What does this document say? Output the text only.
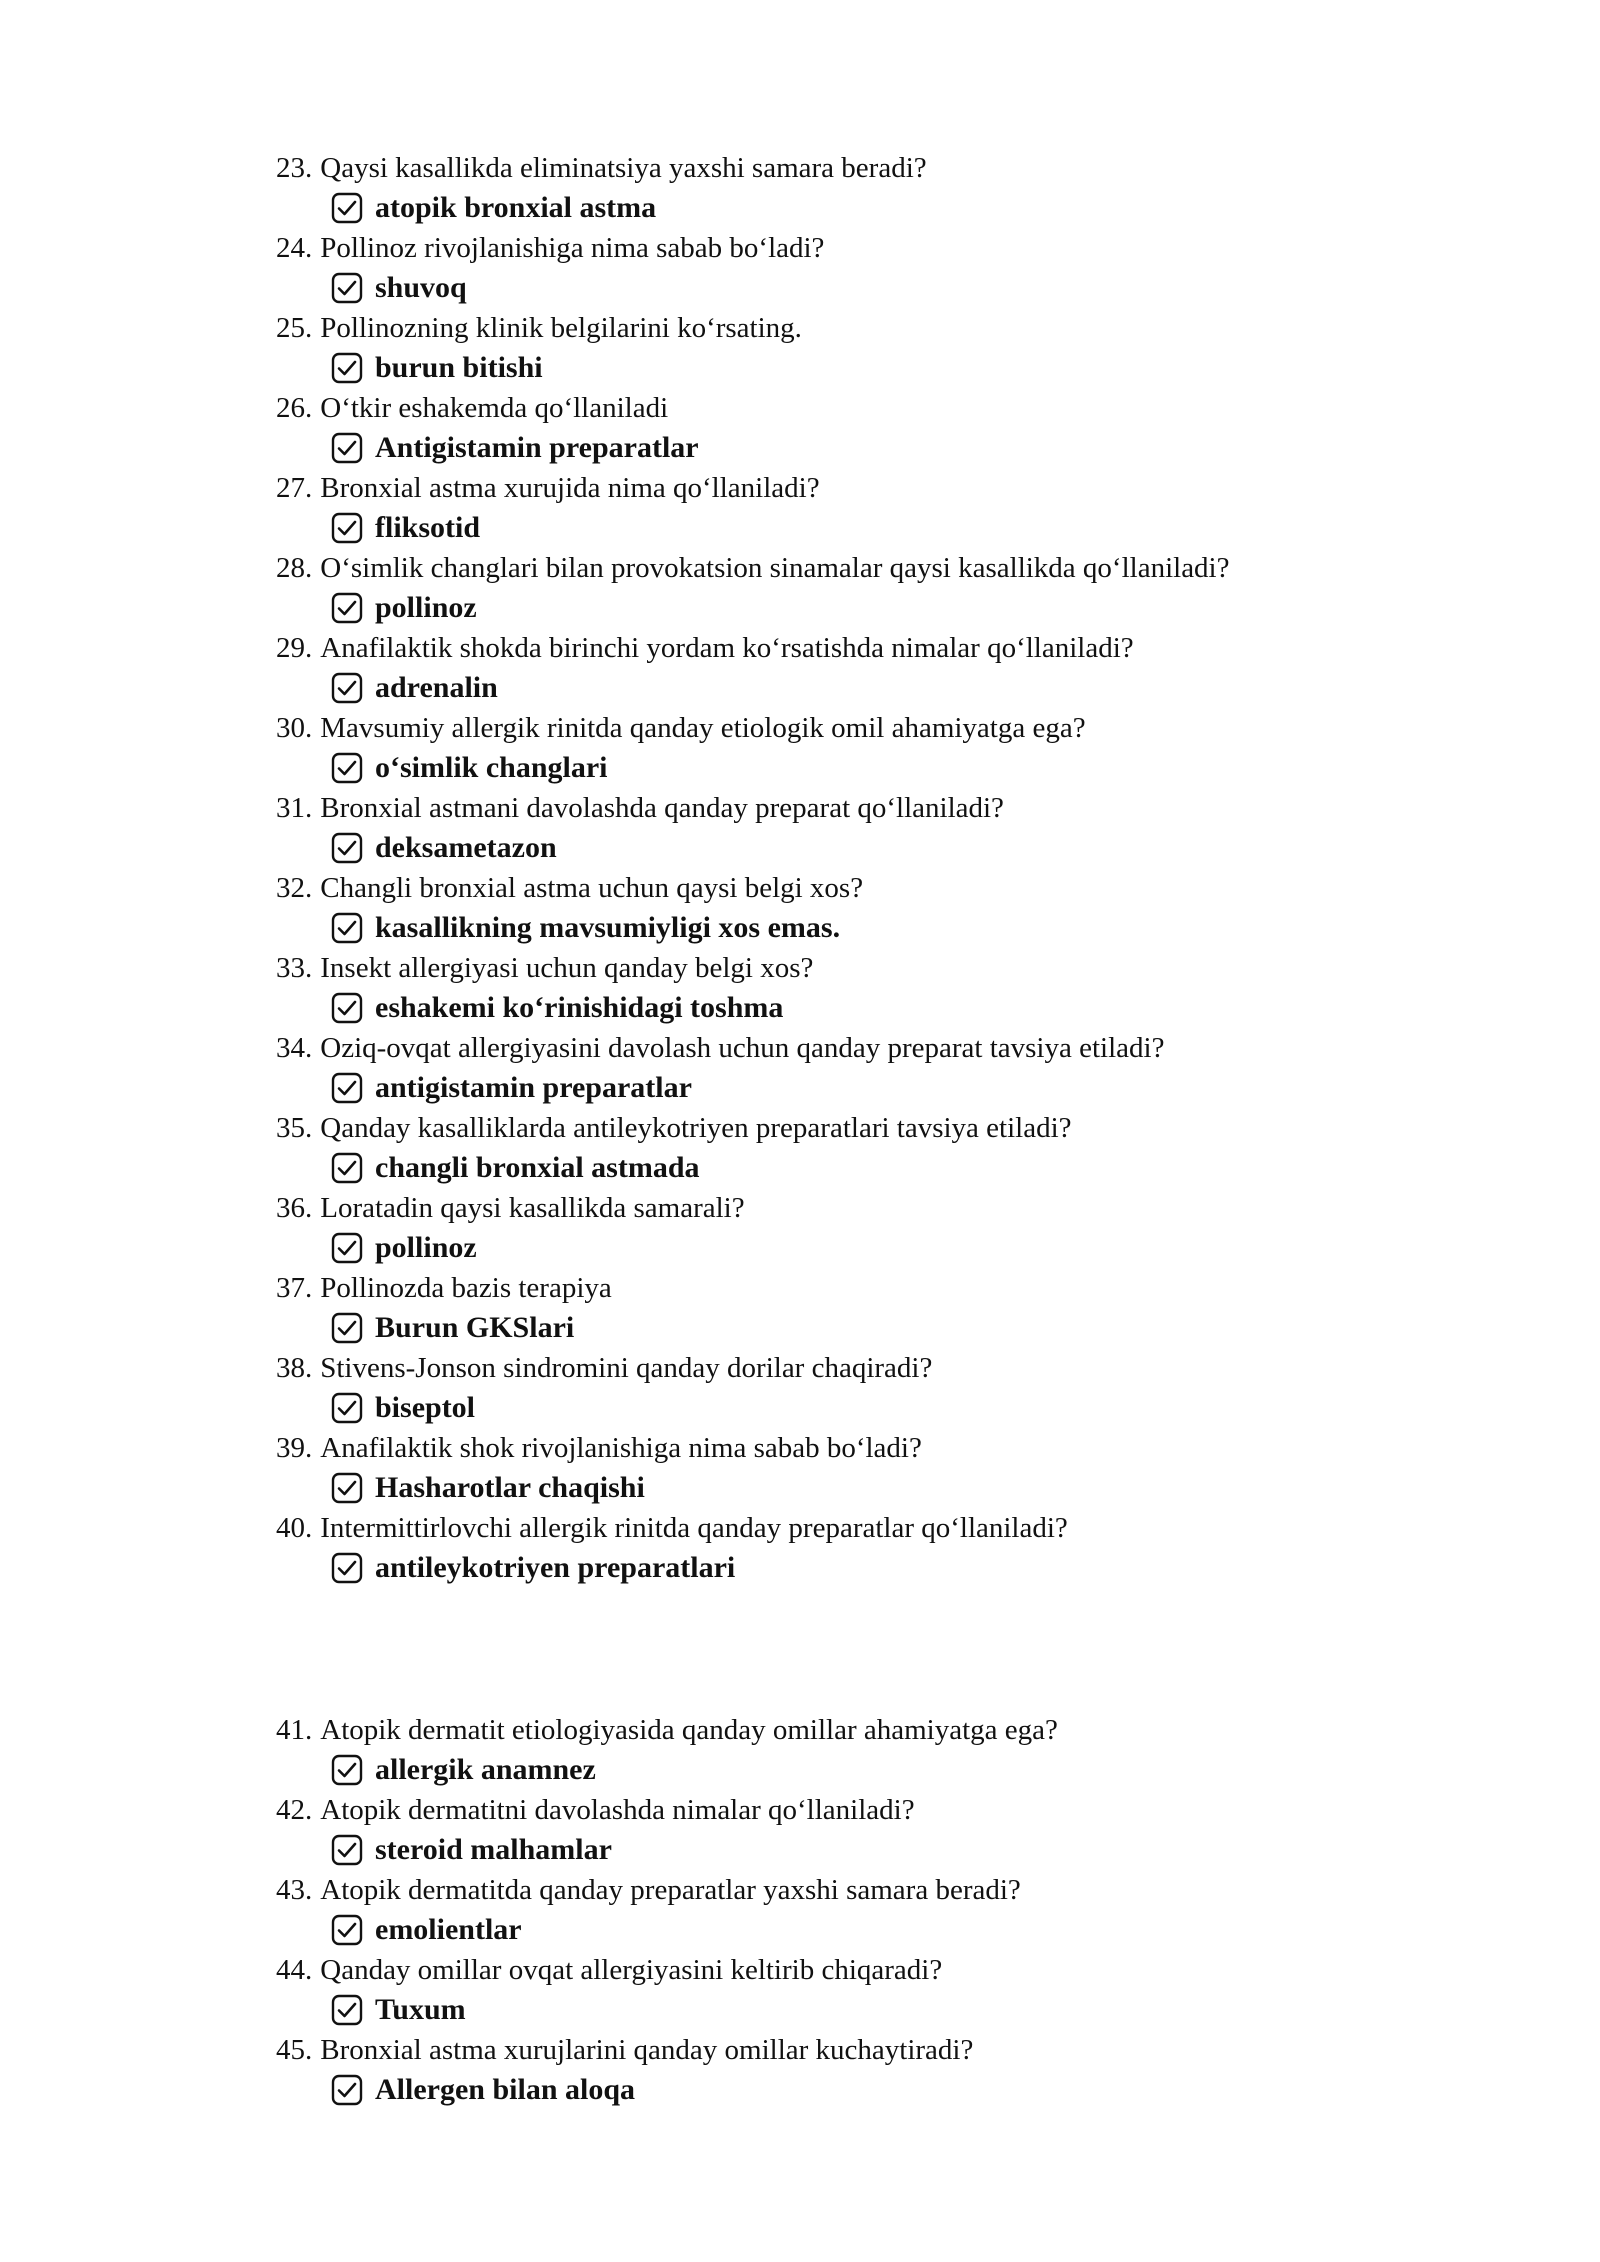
23. Qaysi kasallikda eliminatsiya yaxshi samara beradi?
atopik bronxial astma
24. Pollinoz rivojlanishiga nima sabab bo‘ladi?
shuvoq
25. Pollinozning klinik belgilarini ko‘rsating.
burun bitishi
26. O‘tkir eshakemda qo‘llaniladi
Antigistamin preparatlar
27. Bronxial astma xurujida nima qo‘llaniladi?
fliksotid
28. O‘simlik changlari bilan provokatsion sinamalar qaysi kasallikda qo‘llaniladi?
pollinoz
29. Anafilaktik shokda birinchi yordam ko‘rsatishda nimalar qo‘llaniladi?
adrenalin
30. Mavsumiy allergik rinitda qanday etiologik omil ahamiyatga ega?
o‘simlik changlari
31. Bronxial astmani davolashda qanday preparat qo‘llaniladi?
deksametazon
32. Changli bronxial astma uchun qaysi belgi xos?
kasallikning mavsumiyligi xos emas.
33. Insekt allergiyasi uchun qanday belgi xos?
eshakemi ko‘rinishidagi toshma
34. Oziq-ovqat allergiyasini davolash uchun qanday preparat tavsiya etiladi?
antigistamin preparatlar
35. Qanday kasalliklarda antileykotriyen preparatlari tavsiya etiladi?
changli bronxial astmada
36. Loratadin qaysi kasallikda samarali?
pollinoz
37. Pollinozda bazis terapiya
Burun GKSlari
38. Stivens-Jonson sindromini qanday dorilar chaqiradi?
biseptol
39. Anafilaktik shok rivojlanishiga nima sabab bo‘ladi?
Hasharotlar chaqishi
40. Intermittirlovchi allergik rinitda qanday preparatlar qo‘llaniladi?
antileykotriyen preparatlari
41. Atopik dermatit etiologiyasida qanday omillar ahamiyatga ega?
allergik anamnez
42. Atopik dermatitni davolashda nimalar qo‘llaniladi?
steroid malhamlar
43. Atopik dermatitda qanday preparatlar yaxshi samara beradi?
emolientlar
44. Qanday omillar ovqat allergiyasini keltirib chiqaradi?
Tuxum
45. Bronxial astma xurujlarini qanday omillar kuchaytiradi?
Allergen bilan aloqa
